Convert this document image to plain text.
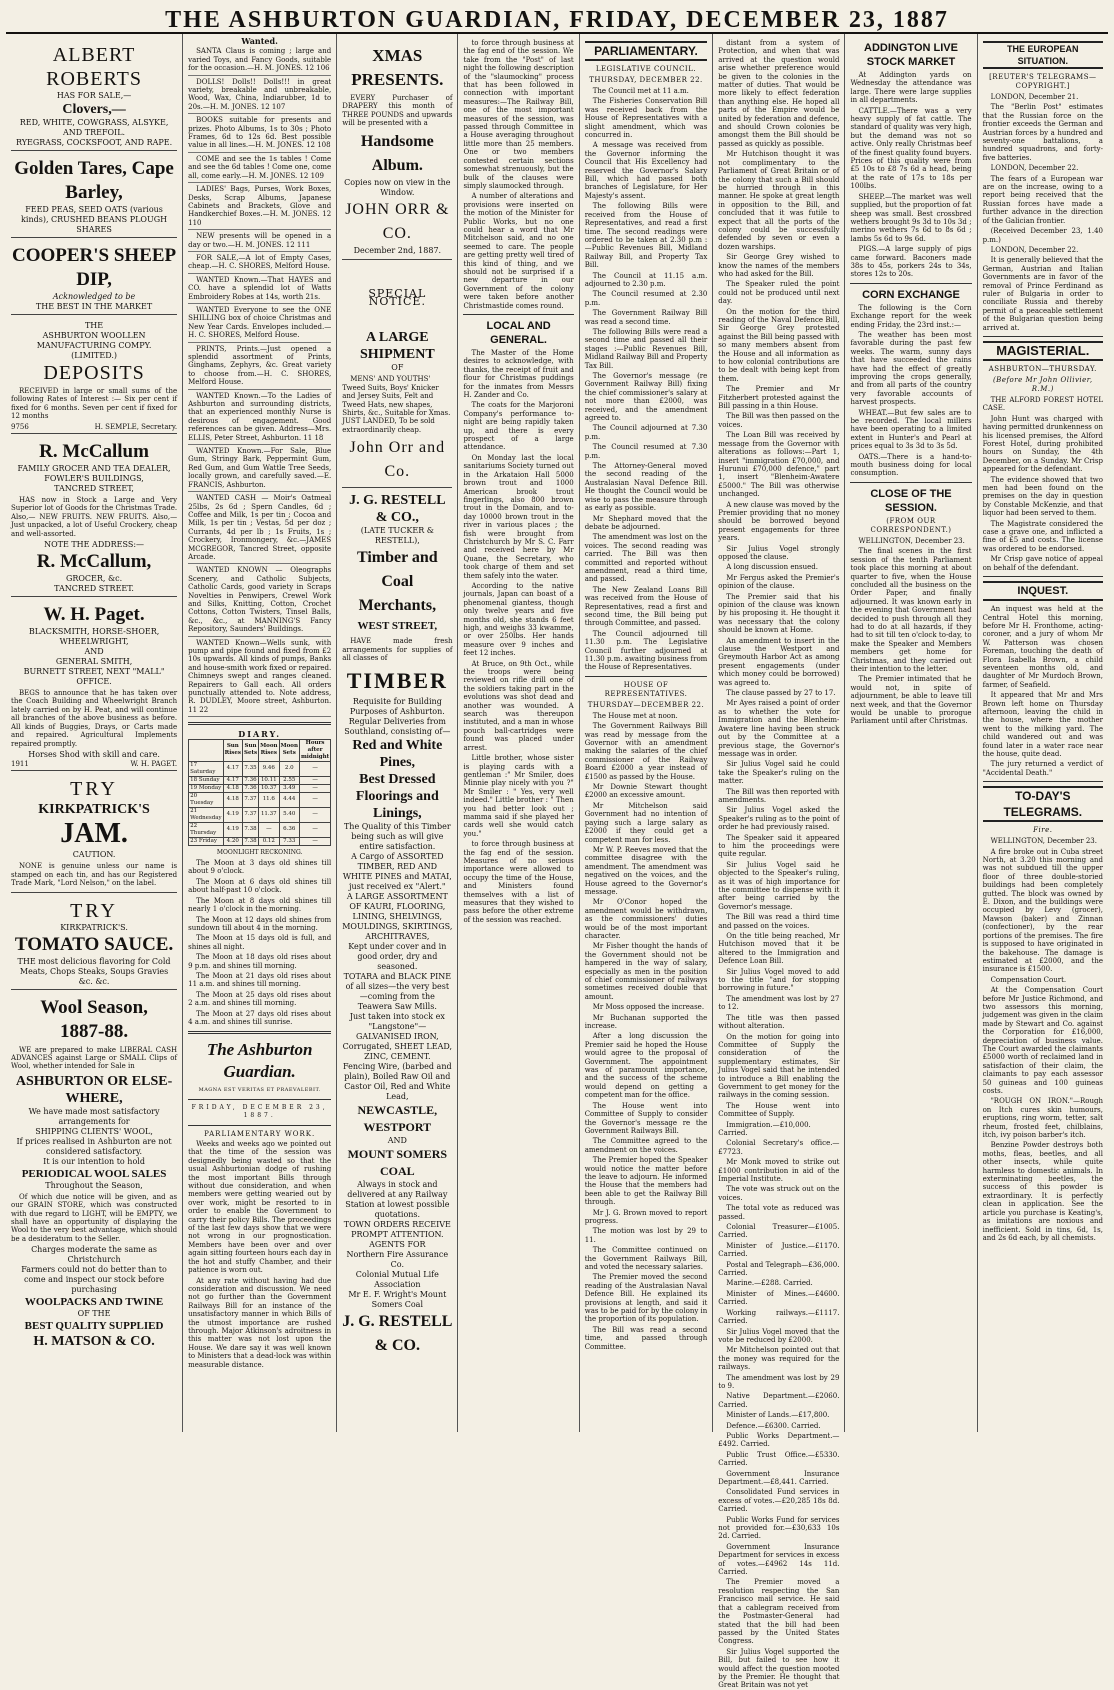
THE ASHBURTON GUARDIAN, FRIDAY, DECEMBER 23, 1887
ALBERT ROBERTS
HAS FOR SALE,—
Clovers,—
RED, WHITE, COWGRASS, ALSYKE, AND TREFOIL.
RYEGRASS, COCKSFOOT, AND RAPE.
Golden Tares, Cape Barley,
FEED PEAS, SEED OATS (various kinds), CRUSHED BEANS PLOUGH SHARES
COOPER'S SHEEP DIP,
Acknowledged to be
THE BEST IN THE MARKET
THE
ASHBURTON WOOLLEN
MANUFACTURING COMPY.
(LIMITED.)
DEPOSITS
RECEIVED in large or small sums of the following Rates of Interest :— Six per cent if fixed for 6 months. Seven per cent if fixed for 12 months
9756	H. SEMPLE, Secretary.
R. McCallum
FAMILY GROCER AND TEA DEALER,
FOWLER'S BUILDINGS,
TANCRED STREET,
HAS now in Stock a Large and Very Superior lot of Goods for the Christmas Trade. Also,— NEW FRUITS. NEW FRUITS. Also,—Just unpacked, a lot of Useful Crockery, cheap and well-assorted.
NOTE THE ADDRESS:—
R. McCallum,
GROCER, &c.
TANCRED STREET.
W. H. Paget.
BLACKSMITH, HORSE-SHOER, WHEELWRIGHT,
AND
GENERAL SMITH,
BURNETT STREET, NEXT "MALL" OFFICE.
BEGS to announce that he has taken over the Coach Building and Wheelwright Branch lately carried on by H. Peat, and will continue all branches of the above business as before. All kinds of Buggies, Drays, or Carts made and repaired. Agricultural Implements repaired promptly.
Horses Shod with skill and care.
1911	W. H. PAGET.
TRY
KIRKPATRICK'S
JAM.
CAUTION.
NONE is genuine unless our name is stamped on each tin, and has our Registered Trade Mark, "Lord Nelson," on the label.
TRY
KIRKPATRICK'S.
TOMATO SAUCE.
THE most delicious flavoring for Cold
Meats, Chops Steaks, Soups Gravies
&c. &c.
Wool Season,
1887-88.
WE are prepared to make LIBERAL CASH ADVANCES against Large or SMALL Clips of Wool, whether intended for Sale in
ASHBURTON OR ELSE-
WHERE,
We have made most satisfactory arrangements for
SHIPPING CLIENTS' WOOL,
If prices realised in Ashburton are not considered satisfactory.
It is our intention to hold
PERIODICAL WOOL SALES
Throughout the Season,
Of which due notice will be given, and as our GRAIN STORE, which was constructed with due regard to LIGHT, will be EMPTY, we shall have an opportunity of displaying the Wool to the very best advantage, which should be a desideratum to the Seller.
Charges moderate the same as Christchurch
Farmers could not do better than to come and inspect our stock before purchasing
WOOLPACKS AND TWINE
OF THE
BEST QUALITY SUPPLIED
H. MATSON & CO.
Wanted.
SANTA Claus is coming ; large and varied Toys, and Fancy Goods, suitable for the occasion.—H. M. JONES. 12 106
DOLLS! Dolls!! Dolls!!! in great variety, breakable and unbreakable, Wood, Wax, China, Indiarubber, 1d to 20s.—H. M. JONES. 12 107
BOOKS suitable for presents and prizes. Photo Albums, 1s to 30s ; Photo Frames, 6d to 12s 6d. Best possible value in all lines.—H. M. JONES. 12 108
COME and see the 1s tables ! Come and see the 6d tables ! Come one, come all, come early.—H. M. JONES. 12 109
LADIES' Bags, Purses, Work Boxes, Desks, Scrap Albums, Japanese Cabinets and Brackets, Glove and Handkerchief Boxes.—H. M. JONES. 12 110
NEW presents will be opened in a day or two.—H. M. JONES. 12 111
FOR SALE,—A lot of Empty Cases, cheap.—H. C. SHORES, Melford House.
WANTED Known.—That HAYES and CO. have a splendid lot of Watts Embroidery Robes at 14s, worth 21s.
WANTED Everyone to see the ONE SHILLING box of choice Christmas and New Year Cards. Envelopes included.—H. C. SHORES, Melford House.
PRINTS, Prints.—Just opened a splendid assortment of Prints, Ginghams, Zephyrs, &c. Great variety to choose from.—H. C. SHORES, Melford House.
WANTED Known.—To the Ladies of Ashburton and surrounding districts, that an experienced monthly Nurse is desirous of engagement. Good references can be given. Address—Mrs. ELLIS, Peter Street, Ashburton. 11 18
WANTED Known.—For Sale, Blue Gum, Stringy Bark, Peppermint Gum, Red Gum, and Gum Wattle Tree Seeds, locally grown, and carefully saved.—E. FRANCIS, Ashburton.
WANTED CASH — Moir's Oatmeal 25lbs, 2s 6d ; Spern Candles, 6d ; Coffee and Milk, 1s per tin ; Cocoa and Milk, 1s per tin ; Vestas, 5d per doz ; Currants, 4d per lb ; 1s Fruits, 1s ; Crockery, Ironmongery, &c.—JAMES MCGREGOR, Tancred Street, opposite Arcade.
WANTED KNOWN — Oleographs Scenery, and Catholic Subjects, Catholic Cards, good variety in Scraps Novelties in Penwipers, Crewel Work and Silks, Knitting, Cotton, Crochet Cottons, Cotton Twisters, Tinsel Balls, &c., &c., at MANNING'S Fancy Repository, Saunders' Buildings.
WANTED Known—Wells sunk, with pump and pipe found and fixed from £2 10s upwards. All kinds of pumps, Banks and house-smith work fixed or repaired. Chimneys swept and ranges cleaned. Repairers to Gall each. All orders punctually attended to. Note address, R. DUDLEY, Moore street, Ashburton. 11 22
DIARY.
	Sun Rises	Sun Sets	Moon Rises	Moon Sets	Hours after midnight
17 Saturday	4.17	7.35	9.46	2.0	—
18 Sunday	4.17	7.36	10.11	2.55	—
19 Monday	4.18	7.36	10.37	3.49	—
20 Tuesday	4.18	7.37	11.6	4.44	—
21 Wednesday	4.19	7.37	11.37	5.40	—
22 Thursday	4.19	7.38	—	6.36	—
23 Friday	4.20	7.38	0.12	7.33	—
MOONLIGHT RECKONING.
The Moon at 3 days old shines till about 9 o'clock.
The Moon at 6 days old shines till about half-past 10 o'clock.
The Moon at 8 days old shines till nearly 1 o'clock in the morning.
The Moon at 12 days old shines from sundown till about 4 in the morning.
The Moon at 15 days old is full, and shines all night.
The Moon at 18 days old rises about 9 p.m. and shines till morning.
The Moon at 21 days old rises about 11 a.m. and shines till morning.
The Moon at 25 days old rises about 2 a.m. and shines till morning.
The Moon at 27 days old rises about 4 a.m. and shines till sunrise.
The Ashburton Guardian.
MAGNA EST VERITAS ET PRAEVALEBIT.
FRIDAY, DECEMBER 23, 1887.
PARLIAMENTARY WORK.
Weeks and weeks ago we pointed out that the time of the session was designedly being wasted so that the usual Ashburtonian dodge of rushing the most important Bills through without due consideration, and when members were getting wearied out by over work, might be resorted to in order to enable the Government to carry their policy Bills. The proceedings of the last few days show that we were not wrong in our prognostication. Members have been over and over again sitting fourteen hours each day in the hot and stuffy Chamber, and their patience is worn out.
At any rate without having had due consideration and discussion. We need not go further than the Government Railways Bill for an instance of the unsatisfactory manner in which Bills of the utmost importance are rushed through. Major Atkinson's adroitness in this matter was not lost upon the House. We dare say it was well known to Ministers that a dead-lock was within measurable distance.
XMAS PRESENTS.
EVERY Purchaser of DRAPERY this month of THREE POUNDS and upwards will be presented with a
Handsome Album.
Copies now on view in the Window.
JOHN ORR & CO.
December 2nd, 1887.
SPECIAL NOTICE.
A LARGE SHIPMENT
OF
MENS' AND YOUTHS' Tweed Suits, Boys' Knicker and Jersey Suits, Felt and Tweed Hats, new shapes, Shirts, &c., Suitable for Xmas. JUST LANDED, To be sold extraordinarily cheap.
John Orr and Co.
J. G. RESTELL & CO.,
(LATE TUCKER & RESTELL),
Timber and Coal
Merchants,
WEST STREET,
HAVE made fresh arrangements for supplies of all classes of
TIMBER
Requisite for Building Purposes of Ashburton.
Regular Deliveries from Southland, consisting of—
Red and White Pines,
Best Dressed Floorings and Linings,
The Quality of this Timber being such as will give entire satisfaction.
A Cargo of ASSORTED TIMBER, RED AND WHITE PINES and MATAI, just received ex "Alert."
A LARGE ASSORTMENT OF KAURI, FLOORING, LINING, SHELVINGS, MOULDINGS, SKIRTINGS, ARCHITRAVES,
Kept under cover and in good order, dry and seasoned.
TOTARA and BLACK PINE of all sizes—the very best—coming from the Teawera Saw Mills.
Just taken into stock ex "Langstone"— GALVANISED IRON, Corrugated, SHEET LEAD, ZINC, CEMENT.
Fencing Wire, (barbed and plain), Boiled Raw Oil and Castor Oil, Red and White Lead,
NEWCASTLE,
WESTPORT
AND
MOUNT SOMERS COAL
Always in stock and delivered at any Railway Station at lowest possible quotations.
TOWN ORDERS RECEIVE PROMPT ATTENTION.
AGENTS FOR
Northern Fire Assurance Co.
Colonial Mutual Life Association
Mr E. F. Wright's Mount Somers Coal
J. G. RESTELL & CO.
to force through business at the fag end of the session. We take from the "Post" of last night the following description of the "slaumocking" process that has been followed in connection with important measures:—The Railway Bill, one of the most important measures of the session, was passed through Committee in a House averaging throughout little more than 25 members. One or two members contested certain sections somewhat strenuously, but the bulk of the clauses were simply slaumocked through.
A number of alterations and provisions were inserted on the motion of the Minister for Public Works, but no one could hear a word that Mr Mitchelson said, and no one seemed to care. The people are getting pretty well tired of this kind of thing, and we should not be surprised if a new departure in our Government of the colony were taken before another Christmastide comes round.
LOCAL AND GENERAL.
The Master of the Home desires to acknowledge, with thanks, the receipt of fruit and flour for Christmas puddings for the inmates from Messrs H. Zander and Co.
The coats for the Marjoroni Company's performance to-night are being rapidly taken up, and there is every prospect of a large attendance.
On Monday last the local sanitariums Society turned out in the Arkataion Hall 5000 brown trout and 1000 American brook trout fingerlings, also 800 brown trout in the Domain, and to-day 10000 brown trout in the river in various places ; the fish were brought from Christchurch by Mr S. C. Farr and received here by Mr Quane, the Secretary, who took charge of them and set them safely into the water.
According to the native journals, Japan can boast of a phenomenal giantess, though only twelve years and five months old, she stands 6 feet high, and weighs 33 kwamme, or over 250lbs. Her hands measure over 9 inches and feet 12 inches.
At Bruce, on 9th Oct., while the troops were being reviewed on rifle drill one of the soldiers taking part in the evolutions was shot dead and another was wounded. A search was thereupon instituted, and a man in whose pouch ball-cartridges were found was placed under arrest.
Little brother, whose sister is playing cards with a gentleman :" Mr Smiler, does Minnie play nicely with you ?" Mr Smiler : " Yes, very well indeed." Little brother : " Then you had better look out ; mamma said if she played her cards well she would catch you."
to force through business at the fag end of the session. Measures of no serious importance were allowed to occupy the time of the House, and Ministers found themselves with a list of measures that they wished to pass before the other extreme of the session was reached.
PARLIAMENTARY.
LEGISLATIVE COUNCIL.
THURSDAY, DECEMBER 22.
The Council met at 11 a.m.
The Fisheries Conservation Bill was received back from the House of Representatives with a slight amendment, which was concurred in.
A message was received from the Governor informing the Council that His Excellency had reserved the Governor's Salary Bill, which had passed both branches of Legislature, for Her Majesty's assent.
The following Bills were received from the House of Representatives, and read a first time. The second readings were ordered to be taken at 2.30 p.m :—Public Revenues Bill, Midland Railway Bill, and Property Tax Bill.
The Council at 11.15 a.m. adjourned to 2.30 p.m.
The Council resumed at 2.30 p.m.
The Government Railway Bill was read a second time.
The following Bills were read a second time and passed all their stages :—Public Revenues Bill, Midland Railway Bill and Property Tax Bill.
The Governor's message (re Government Railway Bill) fixing the chief commissioner's salary at not more than £2000, was received, and the amendment agreed to.
The Council adjourned at 7.30 p.m.
The Council resumed at 7.30 p.m.
The Attorney-General moved the second reading of the Australasian Naval Defence Bill. He thought the Council would be wise to pass the measure through as early as possible.
Mr Shephard moved that the debate be adjourned.
The amendment was lost on the voices. The second reading was carried. The Bill was then committed and reported without amendment, read a third time, and passed.
The New Zealand Loans Bill was received from the House of Representatives, read a first and second time, the Bill being put through Committee, and passed.
The Council adjourned till 11.30 p.m. The Legislative Council further adjourned at 11.30 p.m. awaiting business from the House of Representatives.
HOUSE OF REPRESENTATIVES.
THURSDAY—DECEMBER 22.
The House met at noon.
The Government Railways Bill was read by message from the Governor with an amendment making the salaries of the chief commissioner of the Railway Board £2000 a year instead of £1500 as passed by the House.
Mr Downie Stewart thought £2000 an excessive amount.
Mr Mitchelson said Government had no intention of paying such a large salary as £2000 if they could get a competent man for less.
Mr W. P. Reeves moved that the committee disagree with the amendment. The amendment was negatived on the voices, and the House agreed to the Governor's message.
Mr O'Conor hoped the amendment would be withdrawn, as the commissioners' duties would be of the most important character.
Mr Fisher thought the hands of the Government should not be hampered in the way of salary, especially as men in the position of chief commissioner of railways sometimes received double that amount.
Mr Moss opposed the increase.
Mr Buchanan supported the increase.
After a long discussion the Premier said he hoped the House would agree to the proposal of Government. The appointment was of paramount importance, and the success of the scheme would depend on getting a competent man for the office.
The House went into Committee of Supply to consider the Governor's message re the Government Railways Bill.
The Committee agreed to the amendment on the voices.
The Premier hoped the Speaker would notice the matter before the leave to adjourn. He informed the House that the members had been able to get the Railway Bill through.
Mr J. G. Brown moved to report progress.
The motion was lost by 29 to 11.
The Committee continued on the Government Railways Bill, and voted the necessary salaries.
The Premier moved the second reading of the Australasian Naval Defence Bill. He explained its provisions at length, and said it was to be paid for by the colony in the proportion of its population.
The Bill was read a second time, and passed through Committee.
distant from a system of Protection, and when that was arrived at the question would arise whether preference would be given to the colonies in the matter of duties. That would be more likely to effect federation than anything else. He hoped all parts of the Empire would be united by federation and defence, and should Crown colonies be amongst them the Bill should be passed as quickly as possible.
Mr Hutchison thought it was not complimentary to the Parliament of Great Britain or of the colony that such a Bill should be hurried through in this manner. He spoke at great length in opposition to the Bill, and concluded that it was futile to expect that all the ports of the colony could be successfully defended by seven or even a dozen warships.
Sir George Grey wished to know the names of the members who had asked for the Bill.
The Speaker ruled the point could not be produced until next day.
On the motion for the third reading of the Naval Defence Bill, Sir George Grey protested against the Bill being passed with so many members absent from the House and all information as to how colonial contributions are to be dealt with being kept from them.
The Premier and Mr Fitzherbert protested against the Bill passing in a thin House.
The Bill was then passed on the voices.
The Loan Bill was received by message from the Governor with alterations as follows:—Part 1, insert "immigration £70,000, and Hurunui £70,000 defence," part 1, insert "Blenheim-Awatere £5000." The Bill was otherwise unchanged.
A new clause was moved by the Premier providing that no money should be borrowed beyond present engagements for three years.
Sir Julius Vogel strongly opposed the clause.
A long discussion ensued.
Mr Fergus asked the Premier's opinion of the clause.
The Premier said that his opinion of the clause was known by his proposing it. He thought it was necessary that the colony should be known at Home.
An amendment to insert in the clause the Westport and Greymouth Harbor Act as among present engagements (under which money could be borrowed) was agreed to.
The clause passed by 27 to 17.
Mr Ayes raised a point of order as to whether the vote for Immigration and the Blenheim-Awatere line having been struck out by the Committee at a previous stage, the Governor's message was in order.
Sir Julius Vogel said he could take the Speaker's ruling on the matter.
The Bill was then reported with amendments.
Sir Julius Vogel asked the Speaker's ruling as to the point of order he had previously raised.
The Speaker said it appeared to him the proceedings were quite regular.
Sir Julius Vogel said he objected to the Speaker's ruling, as it was of high importance for the committee to dispense with it after being carried by the Governor's message.
The Bill was read a third time and passed on the voices.
On the title being reached, Mr Hutchison moved that it be altered to the Immigration and Defence Loan Bill.
Sir Julius Vogel moved to add to the title "and for stopping borrowing in future."
The amendment was lost by 27 to 12.
The title was then passed without alteration.
On the motion for going into Committee of Supply the consideration of the supplementary estimates, Sir Julius Vogel said that he intended to introduce a Bill enabling the Government to get money for the railways in the coming session.
The House went into Committee of Supply.
Immigration.—£10,000. Carried.
Colonial Secretary's office.—£7723.
Mr Monk moved to strike out £1000 contribution in aid of the Imperial Institute.
The vote was struck out on the voices.
The total vote as reduced was passed.
Colonial Treasurer—£1005. Carried.
Minister of Justice.—£1170. Carried.
Postal and Telegraph—£36,000. Carried.
Marine.—£288. Carried.
Minister of Mines.—£4600. Carried.
Working railways.—£1117. Carried.
Sir Julius Vogel moved that the vote be reduced by £2000.
Mr Mitchelson pointed out that the money was required for the railways.
The amendment was lost by 29 to 9.
Native Department.—£2060. Carried.
Minister of Lands.—£17,800.
Defence.—£6300. Carried.
Public Works Department.—£492. Carried.
Public Trust Office.—£5330. Carried.
Government Insurance Department.—£8,441. Carried.
Consolidated Fund services in excess of votes.—£20,285 18s 8d. Carried.
Public Works Fund for services not provided for.—£30,633 10s 2d. Carried.
Government Insurance Department for services in excess of votes.—£4962 14s 11d. Carried.
The Premier moved a resolution respecting the San Francisco mail service. He said that a cablegram received from the Postmaster-General had stated that the bill had been passed by the United States Congress.
Sir Julius Vogel supported the Bill, but failed to see how it would affect the question mooted by the Premier. He thought that Great Britain was not yet
ADDINGTON LIVE STOCK MARKET
At Addington yards on Wednesday the attendance was large. There were large supplies in all departments.
CATTLE.—There was a very heavy supply of fat cattle. The standard of quality was very high, but the demand was not so active. Only really Christmas beef of the finest quality found buyers. Prices of this quality were from £5 10s to £8 7s 6d a head, being at the rate of 17s to 18s per 100lbs.
SHEEP.—The market was well supplied, but the proportion of fat sheep was small. Best crossbred wethers brought 9s 3d to 10s 3d ; merino wethers 7s 6d to 8s 6d ; lambs 5s 6d to 9s 6d.
PIGS.—A large supply of pigs came forward. Baconers made 38s to 45s, porkers 24s to 34s, stores 12s to 20s.
CORN EXCHANGE
The following is the Corn Exchange report for the week ending Friday, the 23rd inst.:—
The weather has been most favorable during the past few weeks. The warm, sunny days that have succeeded the rains have had the effect of greatly improving the crops generally, and from all parts of the country very favorable accounts of harvest prospects.
WHEAT.—But few sales are to be recorded. The local millers have been operating to a limited extent in Hunter's and Pearl at prices equal to 3s 3d to 3s 5d.
OATS.—There is a hand-to-mouth business doing for local consumption.
CLOSE OF THE SESSION.
(FROM OUR CORRESPONDENT.)
WELLINGTON, December 23.
The final scenes in the first session of the tenth Parliament took place this morning at about quarter to five, when the House concluded all the business on the Order Paper, and finally adjourned. It was known early in the evening that Government had decided to push through all they had to do at all hazards, if they had to sit till ten o'clock to-day, to make the Speaker and Members members get home for Christmas, and they carried out their intention to the letter.
The Premier intimated that he would not, in spite of adjournment, be able to leave till next week, and that the Governor would be unable to prorogue Parliament until after Christmas.
THE EUROPEAN SITUATION.
[REUTER'S TELEGRAMS—COPYRIGHT.]
LONDON, December 21.
The "Berlin Post" estimates that the Russian force on the frontier exceeds the German and Austrian forces by a hundred and seventy-one battalions, a hundred squadrons, and forty-five batteries.
LONDON, December 22.
The fears of a European war are on the increase, owing to a report being received that the Russian forces have made a further advance in the direction of the Galician frontier.
(Received December 23, 1.40 p.m.)
LONDON, December 22.
It is generally believed that the German, Austrian and Italian Governments are in favor of the removal of Prince Ferdinand as ruler of Bulgaria in order to conciliate Russia and thereby permit of a peaceable settlement of the Bulgarian question being arrived at.
MAGISTERIAL.
ASHBURTON—THURSDAY.
(Before Mr John Ollivier, R.M.)
THE ALFORD FOREST HOTEL CASE.
John Hunt was charged with having permitted drunkenness on his licensed premises, the Alford Forest Hotel, during prohibited hours on Sunday, the 4th December, on a Sunday. Mr Crisp appeared for the defendant.
The evidence showed that two men had been found on the premises on the day in question by Constable McKenzie, and that liquor had been served to them.
The Magistrate considered the case a grave one, and inflicted a fine of £5 and costs. The license was ordered to be endorsed.
Mr Crisp gave notice of appeal on behalf of the defendant.
INQUEST.
An inquest was held at the Central Hotel this morning, before Mr H. Fronthome, acting-coroner, and a jury of whom Mr W. Patterson was chosen Foreman, touching the death of Flora Isabella Brown, a child seventeen months old, and daughter of Mr Murdoch Brown, farmer, of Seafield.
It appeared that Mr and Mrs Brown left home on Thursday afternoon, leaving the child in the house, where the mother went to the milking yard. The child wandered out and was found later in a water race near the house, quite dead.
The jury returned a verdict of "Accidental Death."
TO-DAY'S TELEGRAMS.
Fire.
WELLINGTON, December 23.
A fire broke out in Cuba street North, at 3.20 this morning and was not subdued till the upper floor of three double-storied buildings had been completely gutted. The block was owned by E. Dixon, and the buildings were occupied by Levy (grocer), Mawson (baker) and Zinnan (confectioner), by the rear portions of the premises. The fire is supposed to have originated in the bakehouse. The damage is estimated at £2000, and the insurance is £1500.
Compensation Court.
At the Compensation Court before Mr Justice Richmond, and two assessors this morning, judgement was given in the claim made by Stewart and Co. against the Corporation for £16,000, depreciation of business value. The Court awarded the claimants £5000 worth of reclaimed land in satisfaction of their claim, the claimants to pay each assessor 50 guineas and 100 guineas costs.
"ROUGH ON IRON."—Rough on Itch cures skin humours, eruptions, ring worm, tetter, salt rheum, frosted feet, chilblains, itch, ivy poison barber's itch.
Benzine Powder destroys both moths, fleas, beetles, and all other insects, while quite harmless to domestic animals. In exterminating beetles, the success of this powder is extraordinary. It is perfectly clean in application. See the article you purchase is Keating's, as imitations are noxious and inefficient. Sold in tins, 6d, 1s, and 2s 6d each, by all chemists.
